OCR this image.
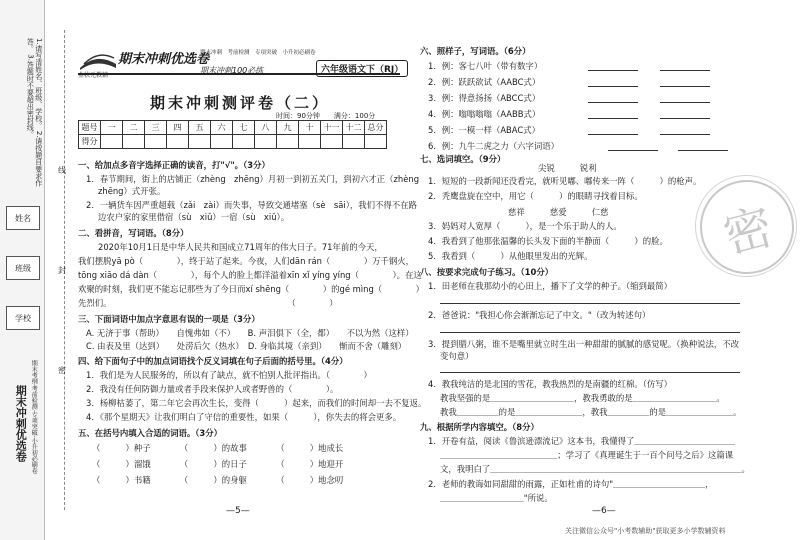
1.请写清姓名、班级、学校。 2.请按题目要求作答。 3.答题时不要超出密封线。
姓名
班级
学校
期末冲刺优选卷 期末考纲·考前检测·专项突破·小升初必刷卷
线
封
密
期末冲刺优选卷
金状元教辅
期末冲刺　考前检测　专项突破　小升初必刷卷
期末冲刺100必练	六年级语文下（RJ）
期末冲刺测评卷（二）
时间：90分钟　　满分：100分
题号	一	二	三	四	五	六	七	八	九	十	十一	十二	总分
得分													
一、给加点多音字选择正确的读音，打"√"。（3分）
1．春节期间，街上的店铺正（zhèng　zhēng）月初一到初五关门，到初六才正（zhèng
zhēng）式开张。
2．一辆货车因严重超载（zǎi　zài）而失事，导致交通堵塞（sè　sāi），我们不得不在路
边农户家的家里借宿（sù　xiǔ）一宿（sù　xiǔ）。
二、看拼音，写词语。（8分）
2020年10月1日是中华人民共和国成立71周年的伟大日子。71年前的今天，
我们摆脱yā pò（　　　　），终于站了起来。今夜，人们dān rán（　　　　）万千钢火，
tōng xiāo dá dàn（　　　　），每个人的脸上都洋溢着xīn xǐ yíng yíng（　　　　）。在这
欢聚的时刻，我们更不能忘记那些为了今日而xí shēng（　　　　）的gé mìng（　　　　）
先烈们。　　　　　　　　　　　　　　　　　　　　　　（　　　　）
三、下面词语中加点字意思有误的一项是（3分）
A. 无济于事（帮助）　　自愧弗如（不）　　B. 声泪俱下（全，都）　　不以为然（这样）
C. 由表及里（达到）　　处涝后欠（热水）　D. 身临其境（亲到）　　惭而不舍（雕刻）
四、给下面句子中的加点词语找个反义词填在句子后面的括号里。（4分）
1．我们是为人民服务的，所以有了缺点，就不怕别人批评指出。（　　　　）
2．我没有任何防御力量或者手段来保护人或者野兽的（　　　　）。
3．杨柳枯萎了，第二年它会再次生长，变得（　　　）起来，而我们的时间却一去不复返。
4．《那个星期天》让我们明白了守信的重要性，如果（　　　），你失去的将会更多。
五、在括号内填入合适的词语。（3分）
（　　　）种子　　　　（　　　）的故事　　　　（　　　）地成长
（　　　）溜饿　　　　（　　　）的日子　　　　（　　　）地迎开
（　　　）书籍　　　　（　　　）的身躯　　　　（　　　）地念叨
—5—
六、照样子，写词语。（6分）
1．例：客七八叶（带有数字）
2．例：跃跃欲试（AABC式）
3．例：得意扬扬（ABCC式）
4．例：嗡嗡嗡嗡（AABB式）
5．例：一模一样（ABAC式）
6．例：九牛二虎之力（六字词语）
七、选词填空。（9分）
尖锐　　　锐利
1．短短的一段新闻还没看完，就听见嘟、嘟传来一阵（　　　）的枪声。
2．秃鹰盘旋在空中，用它（　　　）的眼睛寻找着目标。
慈祥　　　慈爱　　　仁慈
3．妈妈对人宽厚（　　　），是一个乐于助人的人。
4．我看到了他那张温馨的长头发下面的半静面（　　　）的脸。
5．我看到（　　　）从他眼里发出的光辉。
八、按要求完成句子练习。（10分）
1．田老师在我那幼小的心田上，播下了文学的种子。（缩到最简）
2．爸爸说："我担心你会渐渐忘记了中文。"（改为转述句）
3．提到腊八粥，谁不是嘴里就立时生出一种甜甜的腻腻的感觉呢。（换种说法，不改
变句意）
4．教我纯洁的是北国的雪花，教我热烈的是南疆的红棉。（仿写）
教我坚强的是＿＿＿＿＿＿＿＿＿＿，教我勇敢的是＿＿＿＿＿＿＿＿＿＿。
教我＿＿＿＿＿的是＿＿＿＿＿＿＿＿，教我＿＿＿＿＿的是＿＿＿＿＿＿＿＿。
九、根据所学内容填空。（8分）
1．开卷有益，阅读《鲁滨逊漂流记》这本书，我懂得了＿＿＿＿＿＿＿＿＿＿＿＿
＿＿＿＿＿＿＿＿＿＿＿＿＿＿；学习了《真理诞生于一百个问号之后》这篇课
文，我明白了＿＿＿＿＿＿＿＿＿＿＿＿＿＿＿＿＿＿＿＿＿＿＿＿＿＿＿＿＿＿。
2．老师的教诲如同甜甜的雨露，正如杜甫的诗句"＿＿＿＿＿＿＿＿＿＿＿，
＿＿＿＿＿＿＿＿＿＿"所说。
—6—
密
关注微信公众号"小考数辅助"获取更多小学数辅资料
